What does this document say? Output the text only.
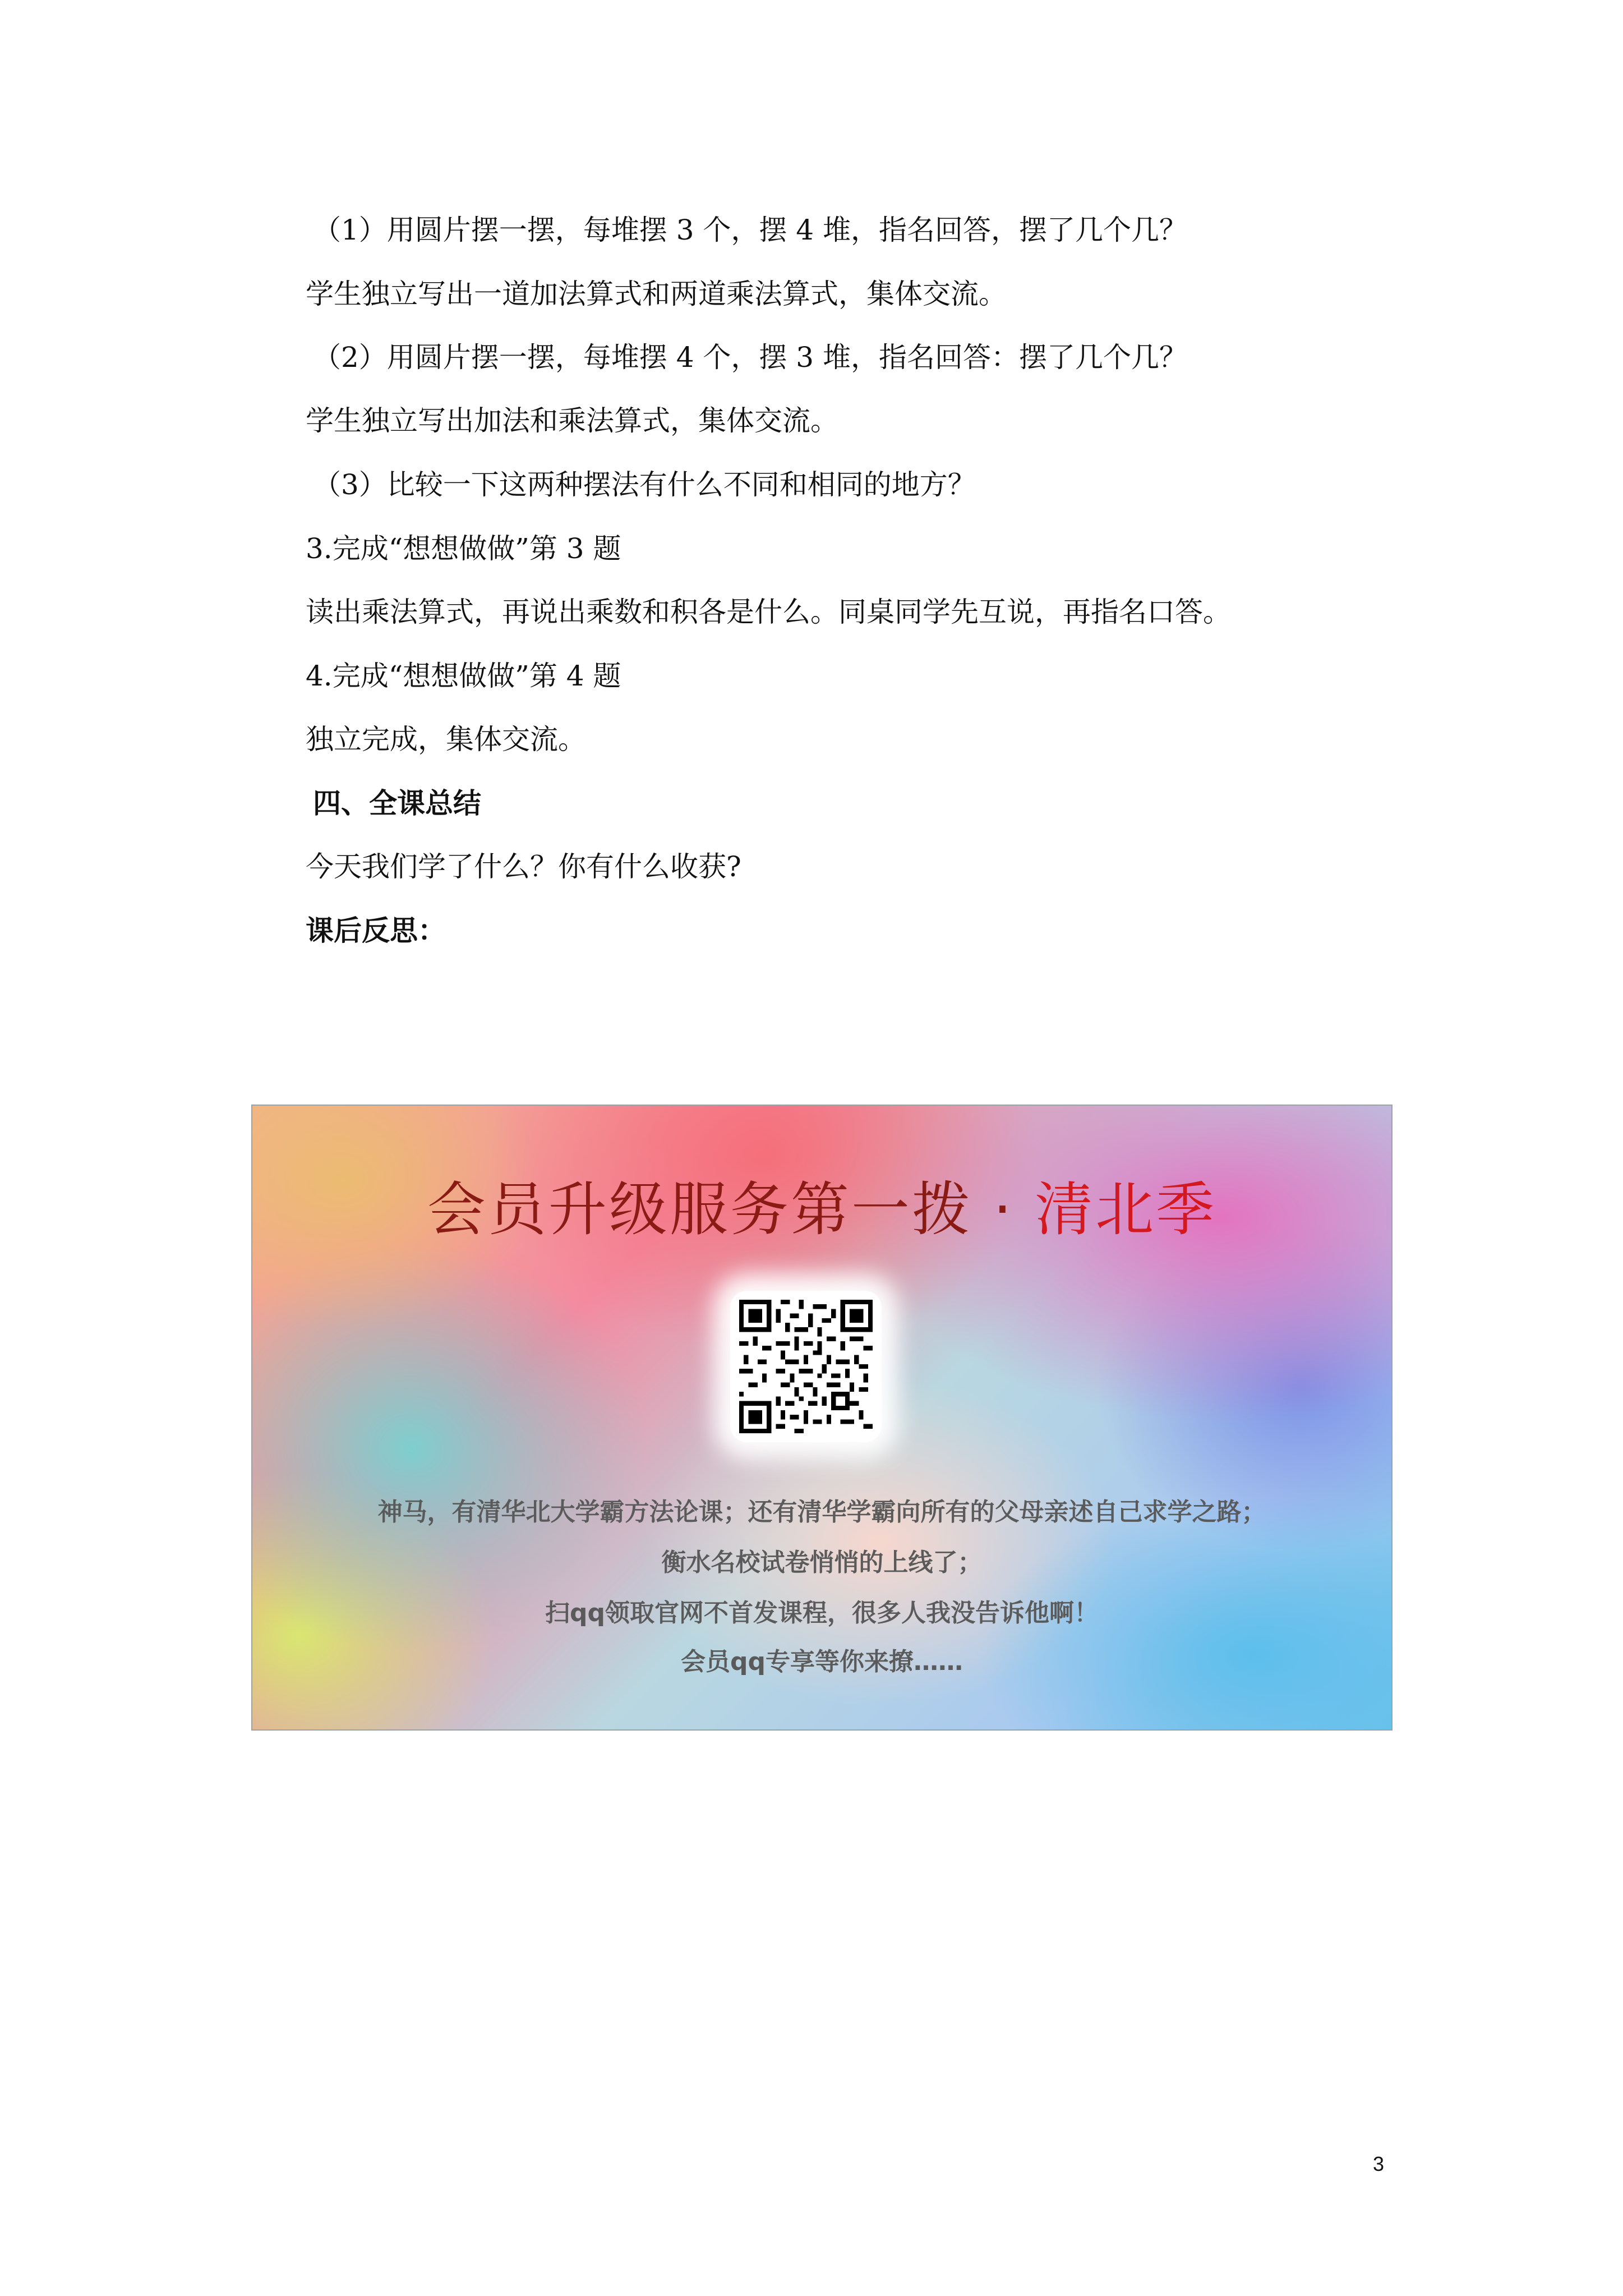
（1）用圆片摆一摆，每堆摆 3 个，摆 4 堆，指名回答，摆了几个几？
学生独立写出一道加法算式和两道乘法算式，集体交流。
（2）用圆片摆一摆，每堆摆 4 个，摆 3 堆，指名回答：摆了几个几？
学生独立写出加法和乘法算式，集体交流。
（3）比较一下这两种摆法有什么不同和相同的地方？
3.完成“想想做做”第 3 题
读出乘法算式，再说出乘数和积各是什么。同桌同学先互说，再指名口答。
4.完成“想想做做”第 4 题
独立完成，集体交流。
四、全课总结
今天我们学了什么？你有什么收获?
课后反思：
会员升级服务第一拨 · 清北季
神马，有清华北大学霸方法论课；还有清华学霸向所有的父母亲述自己求学之路；
衡水名校试卷悄悄的上线了；
扫qq领取官网不首发课程，很多人我没告诉他啊！
会员qq专享等你来撩……
3
